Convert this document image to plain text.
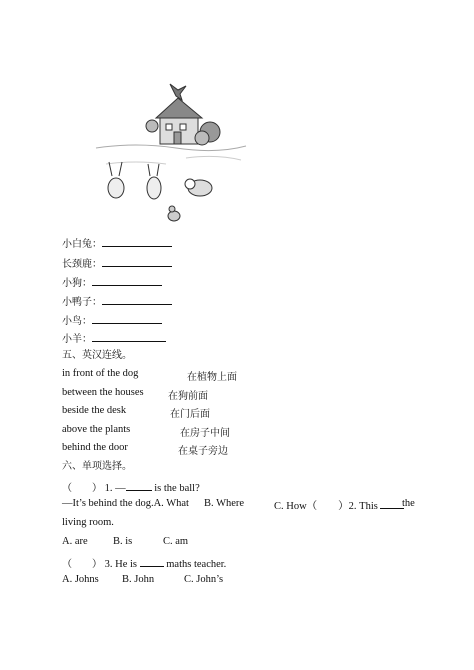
小白兔：
长颈鹿：
小狗：
小鸭子：
小鸟：
小羊：
五、英汉连线。
in front of the dog	在植物上面
between the houses 在狗前面
beside the desk	在门后面
above the plants	在房子中间
behind the door	在桌子旁边
六、单项选择。
（　　） 1. —	is the ball?
—It’s behind the dog.A. What B. Where	C. How（　　）2. This	the
living room.
A. are B. is	C. am
（　　） 3. He is	maths teacher.
A. Johns B. John	C. John’s
